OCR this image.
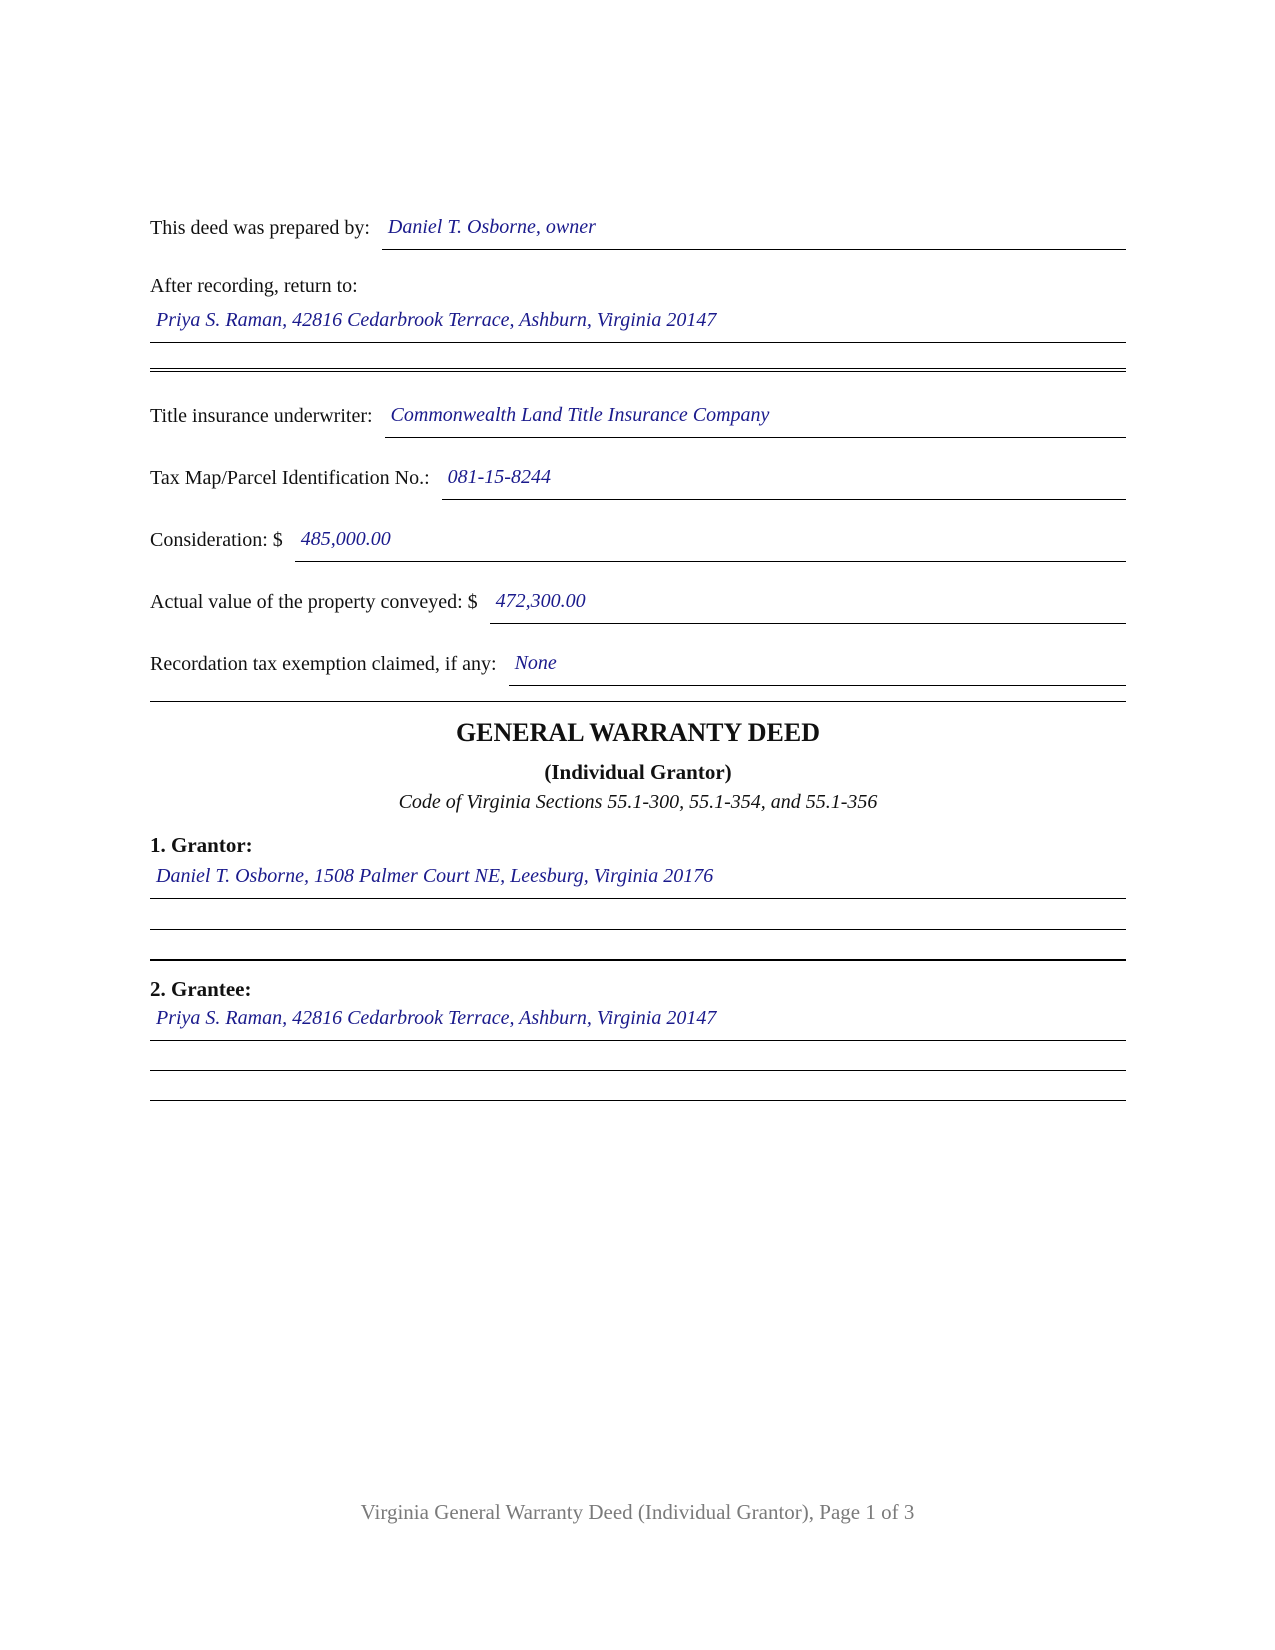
This deed was prepared by: Daniel T. Osborne, owner
After recording, return to:
Priya S. Raman, 42816 Cedarbrook Terrace, Ashburn, Virginia 20147
Title insurance underwriter: Commonwealth Land Title Insurance Company
Tax Map/Parcel Identification No.: 081-15-8244
Consideration: $ 485,000.00
Actual value of the property conveyed: $ 472,300.00
Recordation tax exemption claimed, if any: None
GENERAL WARRANTY DEED
(Individual Grantor)
Code of Virginia Sections 55.1-300, 55.1-354, and 55.1-356
1. Grantor:
Daniel T. Osborne, 1508 Palmer Court NE, Leesburg, Virginia 20176
2. Grantee:
Priya S. Raman, 42816 Cedarbrook Terrace, Ashburn, Virginia 20147
Virginia General Warranty Deed (Individual Grantor), Page 1 of 3
